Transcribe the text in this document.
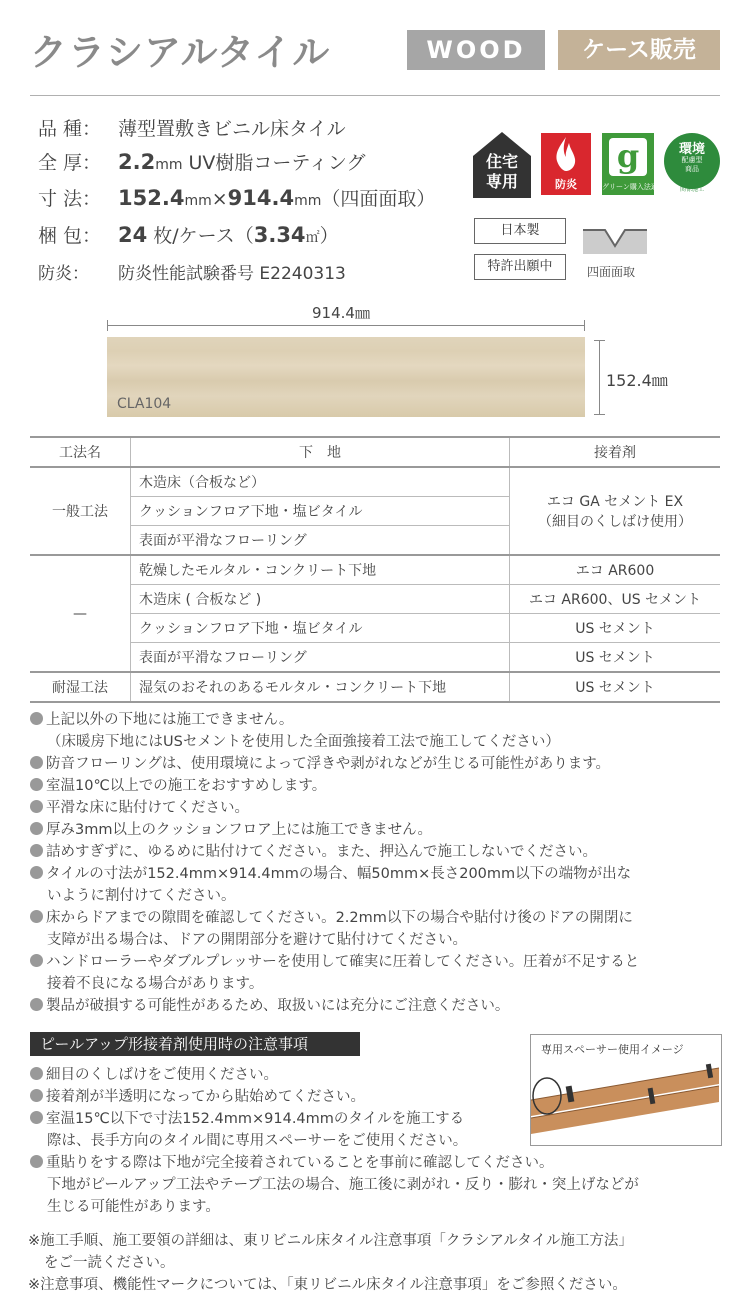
クラシアルタイル	WOOD	ケース販売
品 種： 薄型置敷きビニル床タイル
全 厚： 2.2mm UV樹脂コーティング
寸 法： 152.4mm×914.4mm（四面面取）
梱 包： 24 枚/ケース（3.34㎡）
防炎： 防炎性能試験番号 E2240313
住宅専用	防炎
g
グリーン購入法適合
環境
配慮型
商品
リサイクル
関係施工
日本製
特許出願中	四面面取
914.4㎜
CLA104
152.4㎜
工法名	下　地	接着剤
一般工法	木造床（合板など）	エコ GA セメント EX
（細目のくしばけ使用）

	クッションフロア下地・塩ビタイル	
	表面が平滑なフローリング	
—	乾燥したモルタル・コンクリート下地	エコ AR600
	木造床 ( 合板など )	エコ AR600、US セメント
	クッションフロア下地・塩ビタイル	US セメント
	表面が平滑なフローリング	US セメント
耐湿工法	湿気のおそれのあるモルタル・コンクリート下地	US セメント
上記以外の下地には施工できません。
（床暖房下地にはUSセメントを使用した全面強接着工法で施工してください）
防音フローリングは、使用環境によって浮きや剥がれなどが生じる可能性があります。
室温10℃以上での施工をおすすめします。
平滑な床に貼付けてください。
厚み3mm以上のクッションフロア上には施工できません。
詰めすぎずに、ゆるめに貼付けてください。また、押込んで施工しないでください。
タイルの寸法が152.4mm×914.4mmの場合、幅50mm×長さ200mm以下の端物が出な
いように割付けてください。
床からドアまでの隙間を確認してください。2.2mm以下の場合や貼付け後のドアの開閉に
支障が出る場合は、ドアの開閉部分を避けて貼付けてください。
ハンドローラーやダブルプレッサーを使用して確実に圧着してください。圧着が不足すると
接着不良になる場合があります。
製品が破損する可能性があるため、取扱いには充分にご注意ください。
ピールアップ形接着剤使用時の注意事項	専用スペーサー使用イメージ
細目のくしばけをご使用ください。
接着剤が半透明になってから貼始めてください。
室温15℃以下で寸法152.4mm×914.4mmのタイルを施工する
際は、長手方向のタイル間に専用スペーサーをご使用ください。
重貼りをする際は下地が完全接着されていることを事前に確認してください。
下地がピールアップ工法やテープ工法の場合、施工後に剥がれ・反り・膨れ・突上げなどが
生じる可能性があります。
※施工手順、施工要領の詳細は、東リビニル床タイル注意事項「クラシアルタイル施工方法」
をご一読ください。
※注意事項、機能性マークについては、「東リビニル床タイル注意事項」をご参照ください。
